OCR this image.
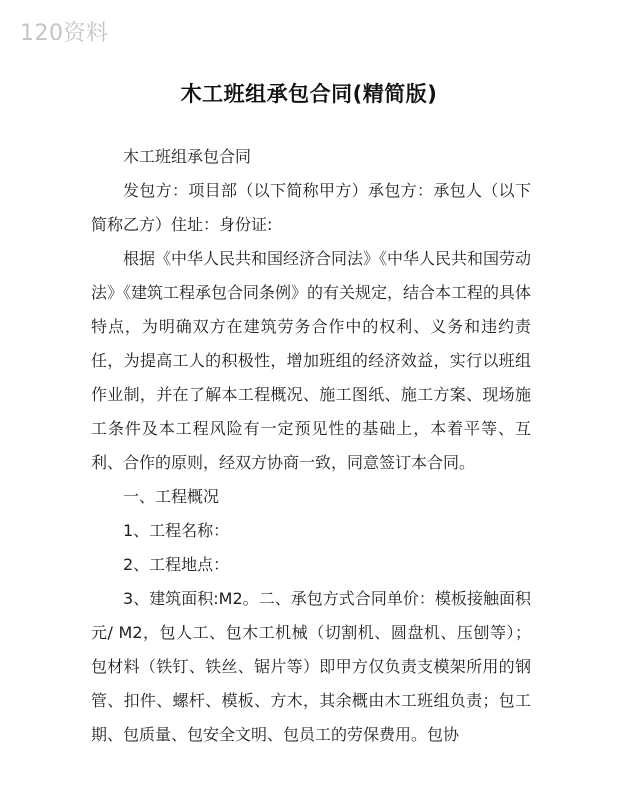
120资料
木工班组承包合同(精简版)

木工班组承包合同

发包方：项目部（以下简称甲方）承包方：承包人（以下简称乙方）住址：身份证:

根据《中华人民共和国经济合同法》《中华人民共和国劳动法》《建筑工程承包合同条例》的有关规定，结合本工程的具体特点，为明确双方在建筑劳务合作中的权利、义务和违约责任，为提高工人的积极性，增加班组的经济效益，实行以班组作业制，并在了解本工程概况、施工图纸、施工方案、现场施工条件及本工程风险有一定预见性的基础上，本着平等、互利、合作的原则，经双方协商一致，同意签订本合同。

一、工程概况

1、工程名称：

2、工程地点：

3、建筑面积:M2。二、承包方式合同单价：模板接触面积元/ M2，包人工、包木工机械（切割机、圆盘机、压刨等）；包材料（铁钉、铁丝、锯片等）即甲方仅负责支模架所用的钢管、扣件、螺杆、模板、方木，其余概由木工班组负责；包工期、包质量、包安全文明、包员工的劳保费用。包协
